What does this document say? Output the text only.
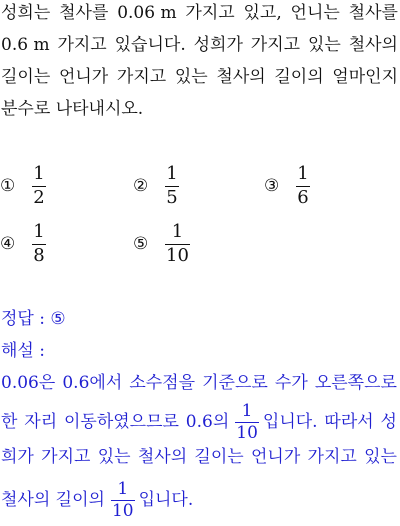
성희는 철사를 0.06 m 가지고 있고, 언니는 철사를
0.6 m 가지고 있습니다. 성희가 가지고 있는 철사의
길이는 언니가 가지고 있는 철사의 길이의 얼마인지
분수로
나타내시오.
① $\frac{1}{2}$	② $\frac{1}{5}$	③ $\frac{1}{6}$
④ $\frac{1}{8}$	⑤ $\frac{1}{10}$
정답 :
⑤
해설 :
0.06은 0.6에서 소수점을 기준으로 수가 오른쪽으로
한 자리 이동하였으므로 0.6의 $\frac{1}{10}$ 입니다. 따라서 성
희가 가지고 있는 철사의 길이는 언니가 가지고 있는
철사의 길이의 $\frac{1}{10}$ 입니다.
